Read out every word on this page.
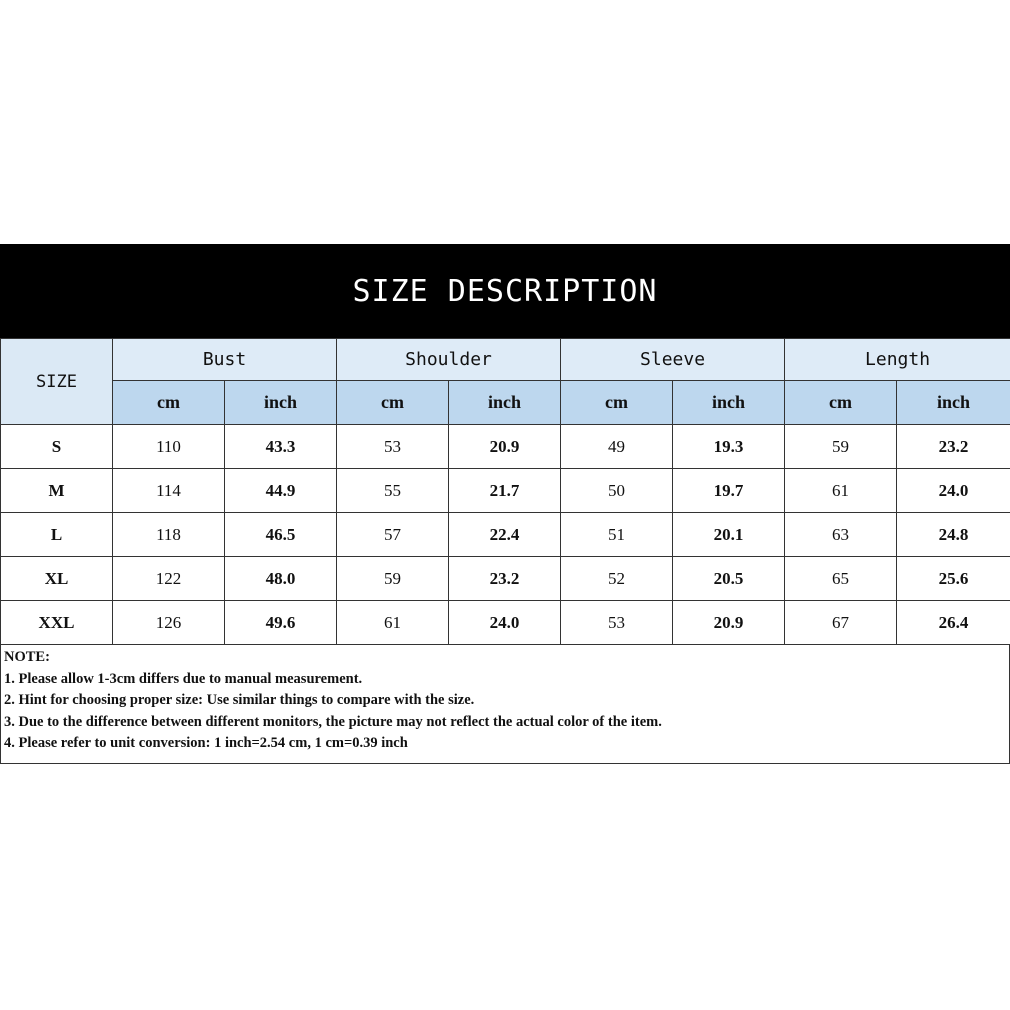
SIZE DESCRIPTION
SIZE	Bust		Shoulder		Sleeve		Length	
	cm	inch	cm	inch	cm	inch	cm	inch
S	110	43.3	53	20.9	49	19.3	59	23.2
M	114	44.9	55	21.7	50	19.7	61	24.0
L	118	46.5	57	22.4	51	20.1	63	24.8
XL	122	48.0	59	23.2	52	20.5	65	25.6
XXL	126	49.6	61	24.0	53	20.9	67	26.4
NOTE:
1. Please allow 1-3cm differs due to manual measurement.
2. Hint for choosing proper size: Use similar things to compare with the size.
3. Due to the difference between different monitors, the picture may not reflect the actual color of the item.
4. Please refer to unit conversion: 1 inch=2.54 cm, 1 cm=0.39 inch
